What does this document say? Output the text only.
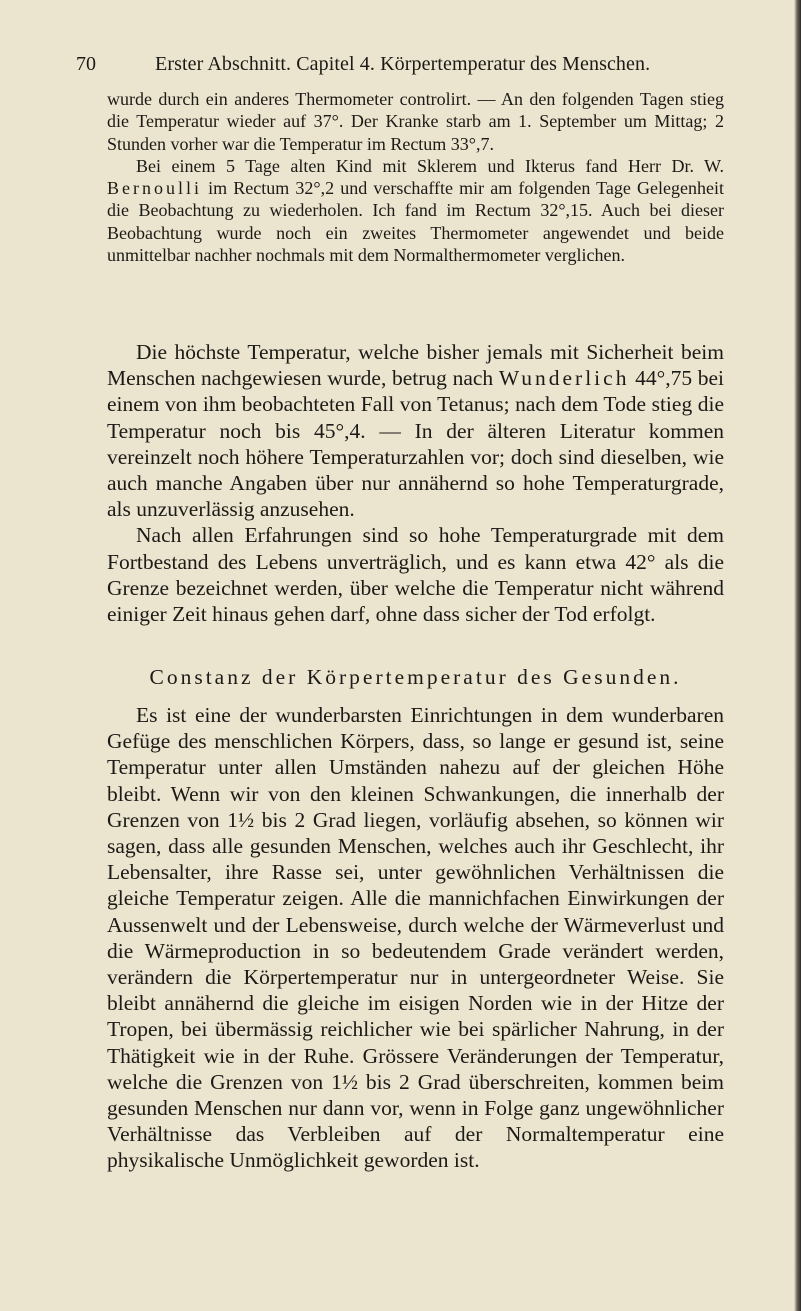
70	Erster Abschnitt. Capitel 4. Körpertemperatur des Menschen.

wurde durch ein anderes Thermometer controlirt. — An den folgenden Tagen stieg die Temperatur wieder auf 37°. Der Kranke starb am 1. September um Mittag; 2 Stunden vorher war die Temperatur im Rectum 33°,7.

Bei einem 5 Tage alten Kind mit Sklerem und Ikterus fand Herr Dr. W. Bernoulli im Rectum 32°,2 und verschaffte mir am folgenden Tage Gelegenheit die Beobachtung zu wiederholen. Ich fand im Rectum 32°,15. Auch bei dieser Beobachtung wurde noch ein zweites Thermometer angewendet und beide unmittelbar nachher nochmals mit dem Normalthermometer verglichen.

Die höchste Temperatur, welche bisher jemals mit Sicherheit beim Menschen nachgewiesen wurde, betrug nach Wunderlich 44°,75 bei einem von ihm beobachteten Fall von Tetanus; nach dem Tode stieg die Temperatur noch bis 45°,4. — In der älteren Literatur kommen vereinzelt noch höhere Temperaturzahlen vor; doch sind dieselben, wie auch manche Angaben über nur annähernd so hohe Temperaturgrade, als unzuverlässig anzusehen.

Nach allen Erfahrungen sind so hohe Temperaturgrade mit dem Fortbestand des Lebens unverträglich, und es kann etwa 42° als die Grenze bezeichnet werden, über welche die Temperatur nicht während einiger Zeit hinaus gehen darf, ohne dass sicher der Tod erfolgt.

Constanz der Körpertemperatur des Gesunden.

Es ist eine der wunderbarsten Einrichtungen in dem wunderbaren Gefüge des menschlichen Körpers, dass, so lange er gesund ist, seine Temperatur unter allen Umständen nahezu auf der gleichen Höhe bleibt. Wenn wir von den kleinen Schwankungen, die innerhalb der Grenzen von 1½ bis 2 Grad liegen, vorläufig absehen, so können wir sagen, dass alle gesunden Menschen, welches auch ihr Geschlecht, ihr Lebensalter, ihre Rasse sei, unter gewöhnlichen Verhältnissen die gleiche Temperatur zeigen. Alle die mannichfachen Einwirkungen der Aussenwelt und der Lebensweise, durch welche der Wärmeverlust und die Wärmeproduction in so bedeutendem Grade verändert werden, verändern die Körpertemperatur nur in untergeordneter Weise. Sie bleibt annähernd die gleiche im eisigen Norden wie in der Hitze der Tropen, bei übermässig reichlicher wie bei spärlicher Nahrung, in der Thätigkeit wie in der Ruhe. Grössere Veränderungen der Temperatur, welche die Grenzen von 1½ bis 2 Grad überschreiten, kommen beim gesunden Menschen nur dann vor, wenn in Folge ganz ungewöhnlicher Verhältnisse das Verbleiben auf der Normaltemperatur eine physikalische Unmöglichkeit geworden ist.
